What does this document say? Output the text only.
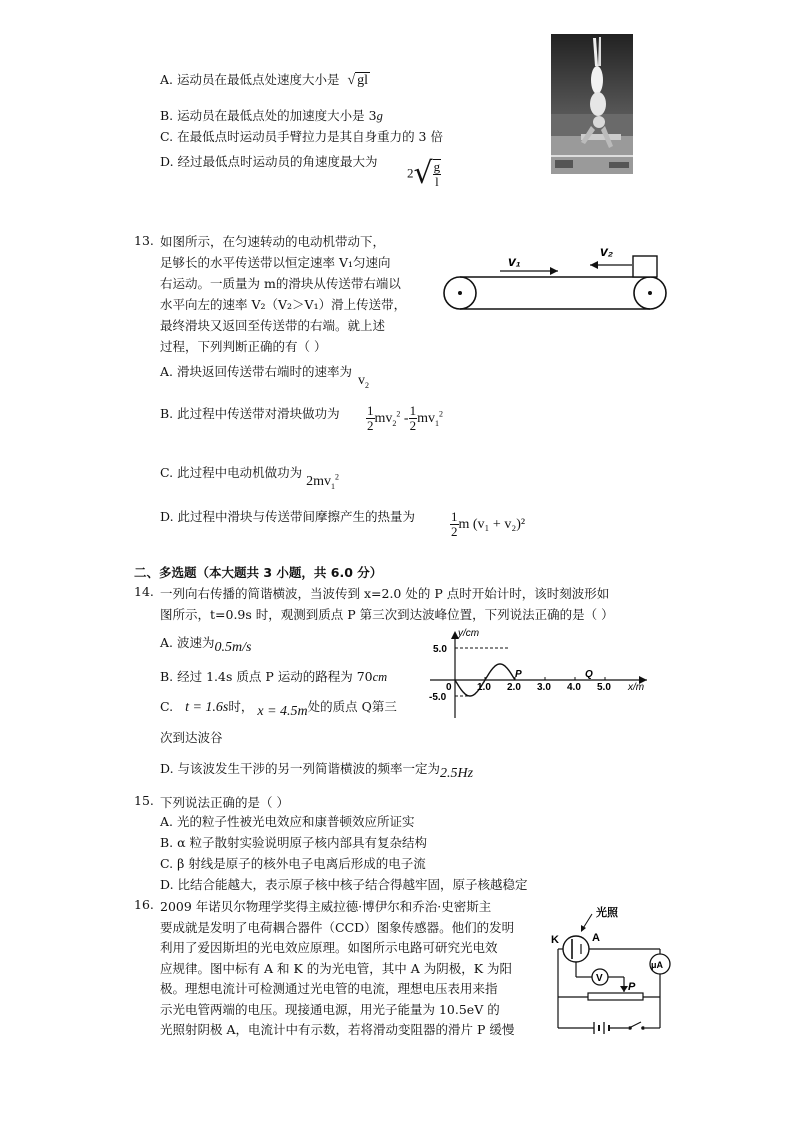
A. 运动员在最低点处速度大小是 √ gl
B. 运动员在最低点处的加速度大小是 3g
C. 在最低点时运动员手臂拉力是其自身重力的 3 倍
D. 经过最低点时运动员的角速度最大为
$2√ \frac{g}{l}$
13. 如图所示，在匀速转动的电动机带动下，
足够长的水平传送带以恒定速率 V₁匀速向
右运动。一质量为 m的滑块从传送带右端以
水平向左的速率 V₂（V₂＞V₁）滑上传送带，
最终滑块又返回至传送带的右端。就上述
过程，下列判断正确的有（ ）
v₁
v₂
A. 滑块返回传送带右端时的速率为 $v_2$
B. 此过程中传送带对滑块做功为 $\frac{1}{2} mv_2^2 - \frac{1}{2} mv_1^2$
C. 此过程中电动机做功为 $2mv_1^2$
D. 此过程中滑块与传送带间摩擦产生的热量为	$\frac{1}{2}$ m (v₁ + v₂)²
二、多选题（本大题共 3 小题，共 6.0 分）
14. 一列向右传播的简谐横波，当波传到 x=2.0 处的 P 点时开始计时，该时刻波形如
图所示，t=0.9s 时，观测到质点 P 第三次到达波峰位置，下列说法正确的是（ ）
A. 波速为0.5m/s
B. 经过 1.4s 质点 P 运动的路程为 70cm
C. t = 1.6s时， x = 4.5m处的质点 Q第三
次到达波谷
D. 与该波发生干涉的另一列简谐横波的频率一定为2.5Hz
y/cm
x/m
5.0
-5.0
0	1.0 2.0 3.0 4.0 5.0
P	Q
15. 下列说法正确的是（ ）
A. 光的粒子性被光电效应和康普顿效应所证实
B. α 粒子散射实验说明原子核内部具有复杂结构
C. β 射线是原子的核外电子电离后形成的电子流
D. 比结合能越大，表示原子核中核子结合得越牢固，原子核越稳定
16. 2009 年诺贝尔物理学奖得主威拉德·博伊尔和乔治·史密斯主
要成就是发明了电荷耦合器件（CCD）图象传感器。他们的发明
利用了爱因斯坦的光电效应原理。如图所示电路可研究光电效
应规律。图中标有 A 和 K 的为光电管，其中 A 为阴极，K 为阳
极。理想电流计可检测通过光电管的电流，理想电压表用来指
示光电管两端的电压。现接通电源，用光子能量为 10.5eV 的
光照射阴极 A，电流计中有示数，若将滑动变阻器的滑片 P 缓慢
光照
K	A
μA
V
P
